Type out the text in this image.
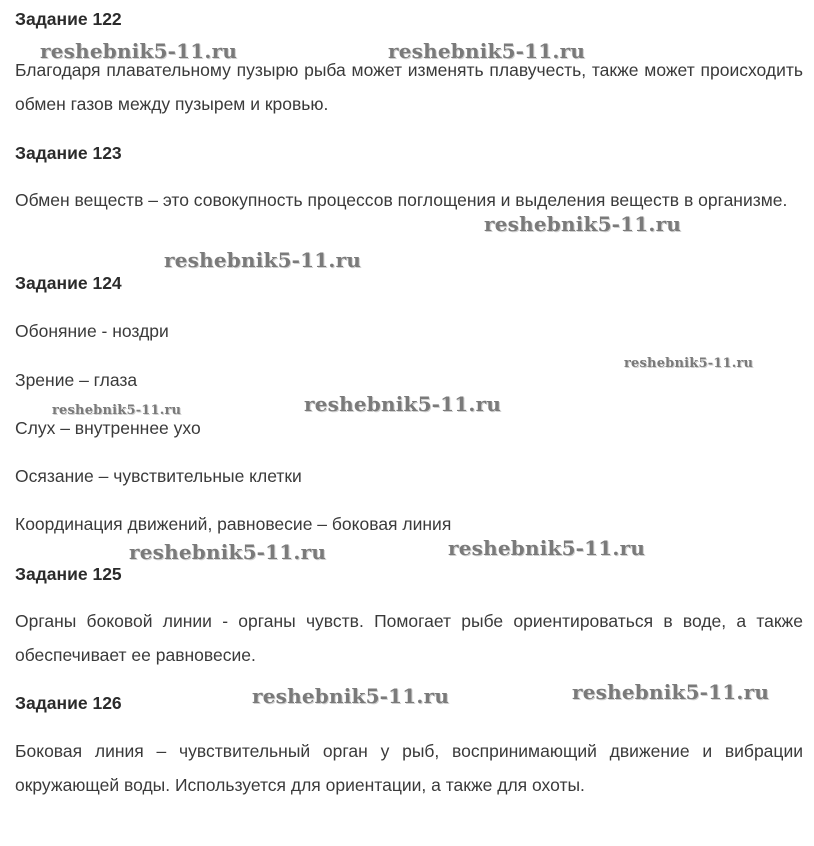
Задание 122

Благодаря плавательному пузырю рыба может изменять плавучесть, также может происходить обмен газов между пузырем и кровью.

Задание 123

Обмен веществ – это совокупность процессов поглощения и выделения веществ в организме.

Задание 124

Обоняние - ноздри

Зрение – глаза

Слух – внутреннее ухо

Осязание – чувствительные клетки

Координация движений, равновесие – боковая линия

Задание 125

Органы боковой линии - органы чувств. Помогает рыбе ориентироваться в воде, а также обеспечивает ее равновесие.

Задание 126

Боковая линия – чувствительный орган у рыб, воспринимающий движение и вибрации окружающей воды. Используется для ориентации, а также для охоты.

reshebnik5-11.ru	reshebnik5-11.ru
reshebnik5-11.ru
reshebnik5-11.ru
reshebnik5-11.ru
reshebnik5-11.ru
reshebnik5-11.ru
reshebnik5-11.ru	reshebnik5-11.ru
reshebnik5-11.ru	reshebnik5-11.ru
